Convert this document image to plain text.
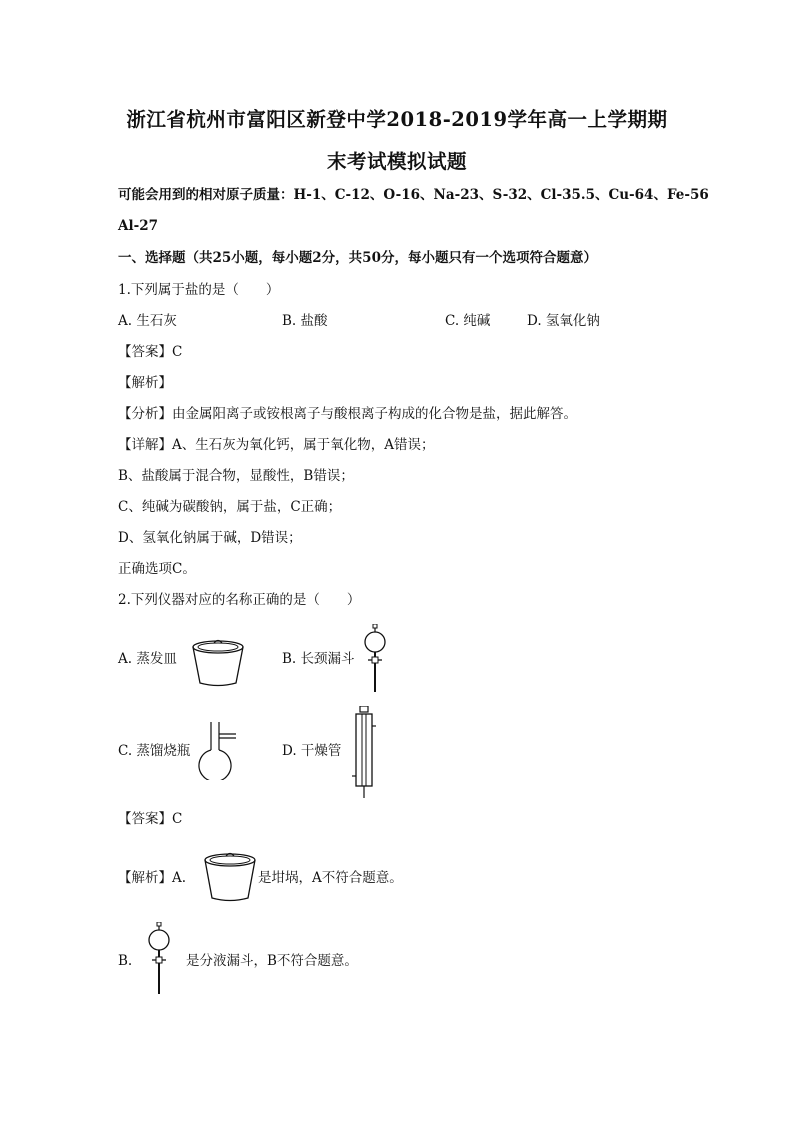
浙江省杭州市富阳区新登中学2018-2019学年高一上学期期
末考试模拟试题
可能会用到的相对原子质量：H-1、C-12、O-16、Na-23、S-32、Cl-35.5、Cu-64、Fe-56
Al-27
一、选择题（共25小题，每小题2分，共50分，每小题只有一个选项符合题意）
1.下列属于盐的是（　　）
A. 生石灰	B. 盐酸	C. 纯碱	D. 氢氧化钠
【答案】C
【解析】
【分析】由金属阳离子或铵根离子与酸根离子构成的化合物是盐，据此解答。
【详解】A、生石灰为氧化钙，属于氧化物，A错误；
B、盐酸属于混合物，显酸性，B错误；
C、纯碱为碳酸钠，属于盐，C正确；
D、氢氧化钠属于碱，D错误；
正确选项C。
2.下列仪器对应的名称正确的是（　　）
A. 蒸发皿	B. 长颈漏斗
C. 蒸馏烧瓶	D. 干燥管
【答案】C
【解析】A.	是坩埚，A不符合题意。
B.	是分液漏斗，B不符合题意。
